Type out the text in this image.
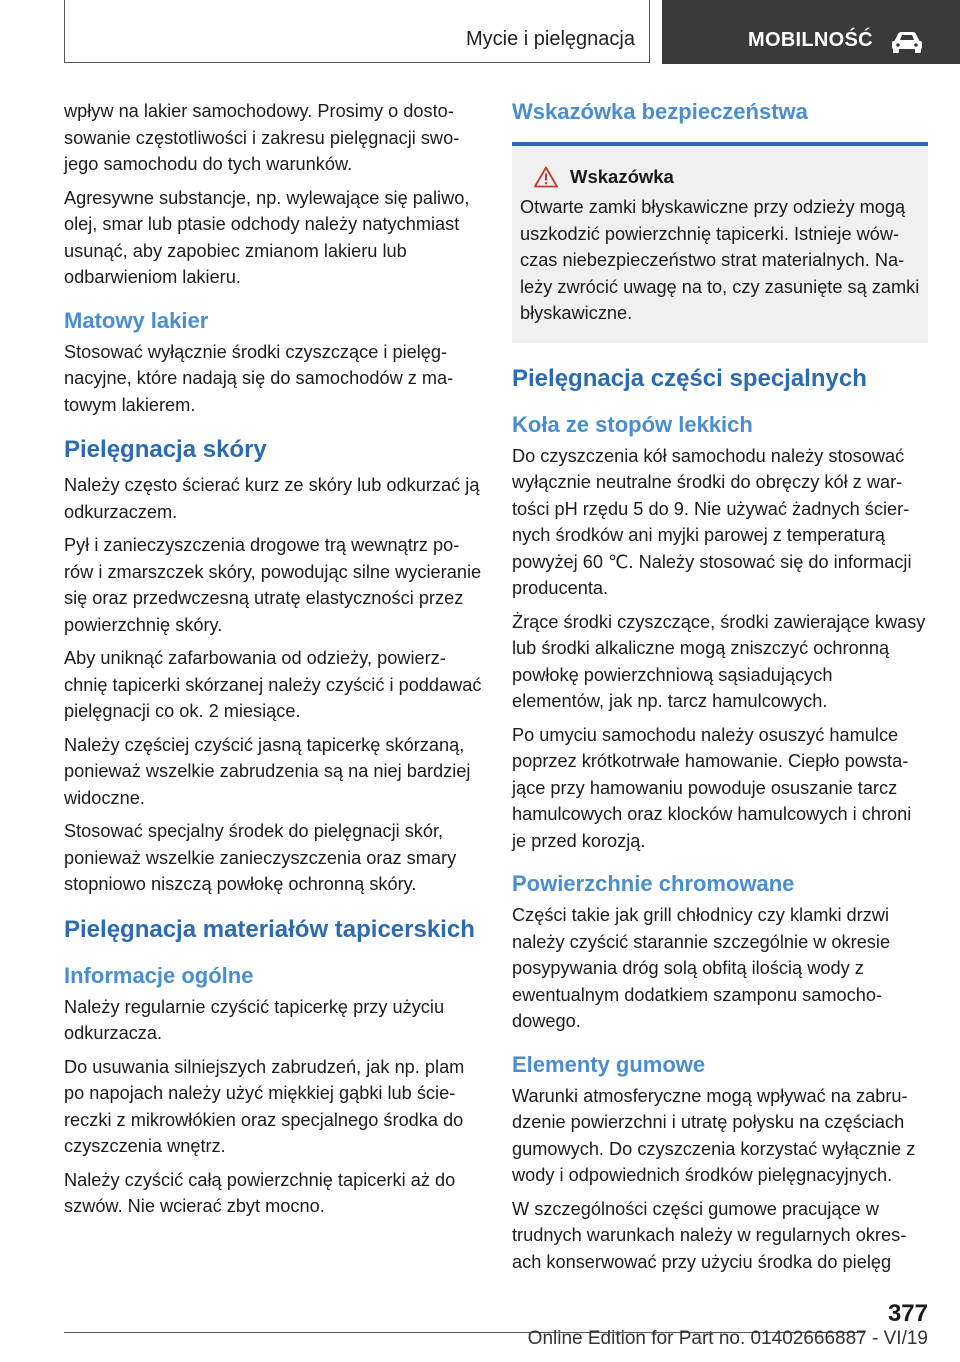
Mycie i pielęgnacja	MOBILNOŚĆ

wpływ na lakier samochodowy. Prosimy o dostosowanie częstotliwości i zakresu pielęgnacji swojego samochodu do tych warunków.

Agresywne substancje, np. wylewające się paliwo, olej, smar lub ptasie odchody należy natychmiast usunąć, aby zapobiec zmianom lakieru lub odbarwieniom lakieru.

Matowy lakier

Stosować wyłącznie środki czyszczące i pielęgnacyjne, które nadają się do samochodów z matowym lakierem.

Pielęgnacja skóry

Należy często ścierać kurz ze skóry lub odkurzać ją odkurzaczem.

Pył i zanieczyszczenia drogowe trą wewnątrz porów i zmarszczek skóry, powodując silne wycieranie się oraz przedwczesną utratę elastyczności przez powierzchnię skóry.

Aby uniknąć zafarbowania od odzieży, powierzchnię tapicerki skórzanej należy czyścić i poddawać pielęgnacji co ok. 2 miesiące.

Należy częściej czyścić jasną tapicerkę skórzaną, ponieważ wszelkie zabrudzenia są na niej bardziej widoczne.

Stosować specjalny środek do pielęgnacji skór, ponieważ wszelkie zanieczyszczenia oraz smary stopniowo niszczą powłokę ochronną skóry.

Pielęgnacja materiałów tapicerskich
Informacje ogólne

Należy regularnie czyścić tapicerkę przy użyciu odkurzacza.

Do usuwania silniejszych zabrudzeń, jak np. plam po napojach należy użyć miękkiej gąbki lub ściereczki z mikrowłókien oraz specjalnego środka do czyszczenia wnętrz.

Należy czyścić całą powierzchnię tapicerki aż do szwów. Nie wcierać zbyt mocno.

Wskazówka bezpieczeństwa
Wskazówka

Otwarte zamki błyskawiczne przy odzieży mogą uszkodzić powierzchnię tapicerki. Istnieje wówczas niebezpieczeństwo strat materialnych. Należy zwrócić uwagę na to, czy zasunięte są zamki błyskawiczne.

Pielęgnacja części specjalnych
Koła ze stopów lekkich

Do czyszczenia kół samochodu należy stosować wyłącznie neutralne środki do obręczy kół z wartości pH rzędu 5 do 9. Nie używać żadnych ściernych środków ani myjki parowej z temperaturą powyżej 60 ℃. Należy stosować się do informacji producenta.

Żrące środki czyszczące, środki zawierające kwasy lub środki alkaliczne mogą zniszczyć ochronną powłokę powierzchniową sąsiadujących elementów, jak np. tarcz hamulcowych.

Po umyciu samochodu należy osuszyć hamulce poprzez krótkotrwałe hamowanie. Ciepło powstające przy hamowaniu powoduje osuszanie tarcz hamulcowych oraz klocków hamulcowych i chroni je przed korozją.

Powierzchnie chromowane

Części takie jak grill chłodnicy czy klamki drzwi należy czyścić starannie szczególnie w okresie posypywania dróg solą obfitą ilością wody z ewentualnym dodatkiem szamponu samochodowego.

Elementy gumowe

Warunki atmosferyczne mogą wpływać na zabrudzenie powierzchni i utratę połysku na częściach gumowych. Do czyszczenia korzystać wyłącznie z wody i odpowiednich środków pielęgnacyjnych.

W szczególności części gumowe pracujące w trudnych warunkach należy w regularnych okresach konserwować przy użyciu środka do pielęg

377
Online Edition for Part no. 01402666887 - VI/19
